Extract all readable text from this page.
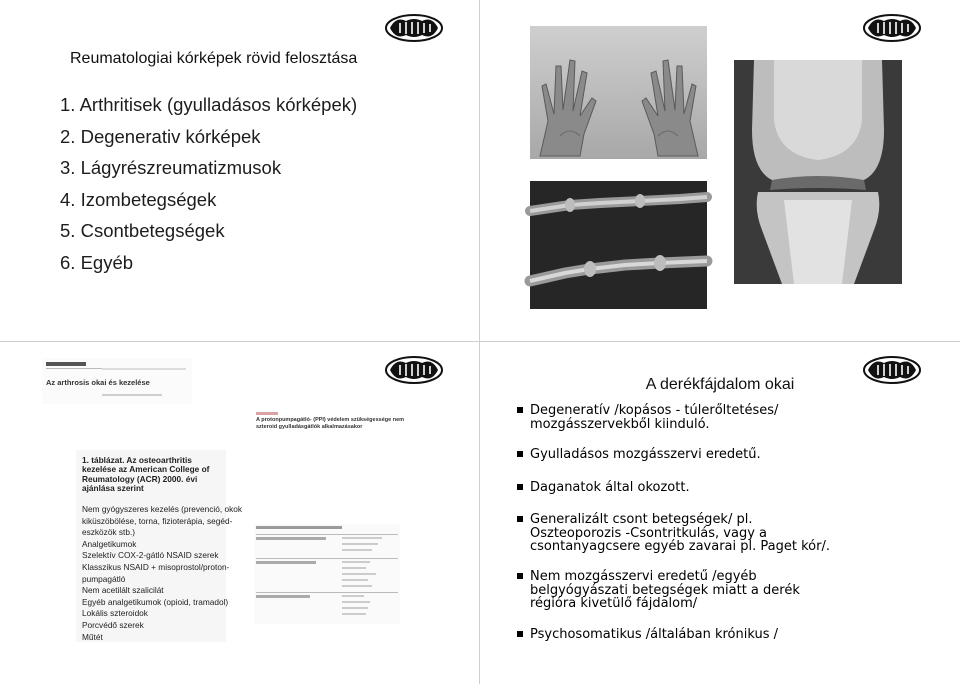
Reumatologiai kórképek rövid felosztása
1. Arthritisek (gyulladásos kórképek)
2. Degenerativ kórképek
3. Lágyrészreumatizmusok
4. Izombetegségek
5. Csontbetegségek
6. Egyéb
Az arthrosis okai és kezelése
A protonpumpagátló- (PPI) védelem szükségessége nem szteroid gyulladásgátlók alkalmazásakor
1. táblázat. Az osteoarthritis kezelése az American College of Reumatology (ACR) 2000. évi ajánlása szerint
Nem gyógyszeres kezelés (prevenció, okok
kiküszöbölése, torna, fizioterápia, segéd-
eszközök stb.)
Analgetikumok
Szelektív COX-2-gátló NSAID szerek
Klasszikus NSAID + misoprostol/proton-
pumpagátló
Nem acetilált szalicilát
Egyéb analgetikumok (opioid, tramadol)
Lokális szteroidok
Porcvédő szerek
Műtét
A derékfájdalom okai
Degeneratív /kopásos - túlerőltetéses/
mozgásszervekből kiinduló.
Gyulladásos mozgásszervi eredetű.
Daganatok által okozott.
Generalizált csont betegségek/ pl.
Oszteoporozis -Csontritkulás, vagy a
csontanyagcsere egyéb zavarai pl. Paget kór/.
Nem mozgásszervi eredetű /egyéb
belgyógyászati betegségek miatt a derék
régióra kivetülő fájdalom/
Psychosomatikus /általában krónikus /
